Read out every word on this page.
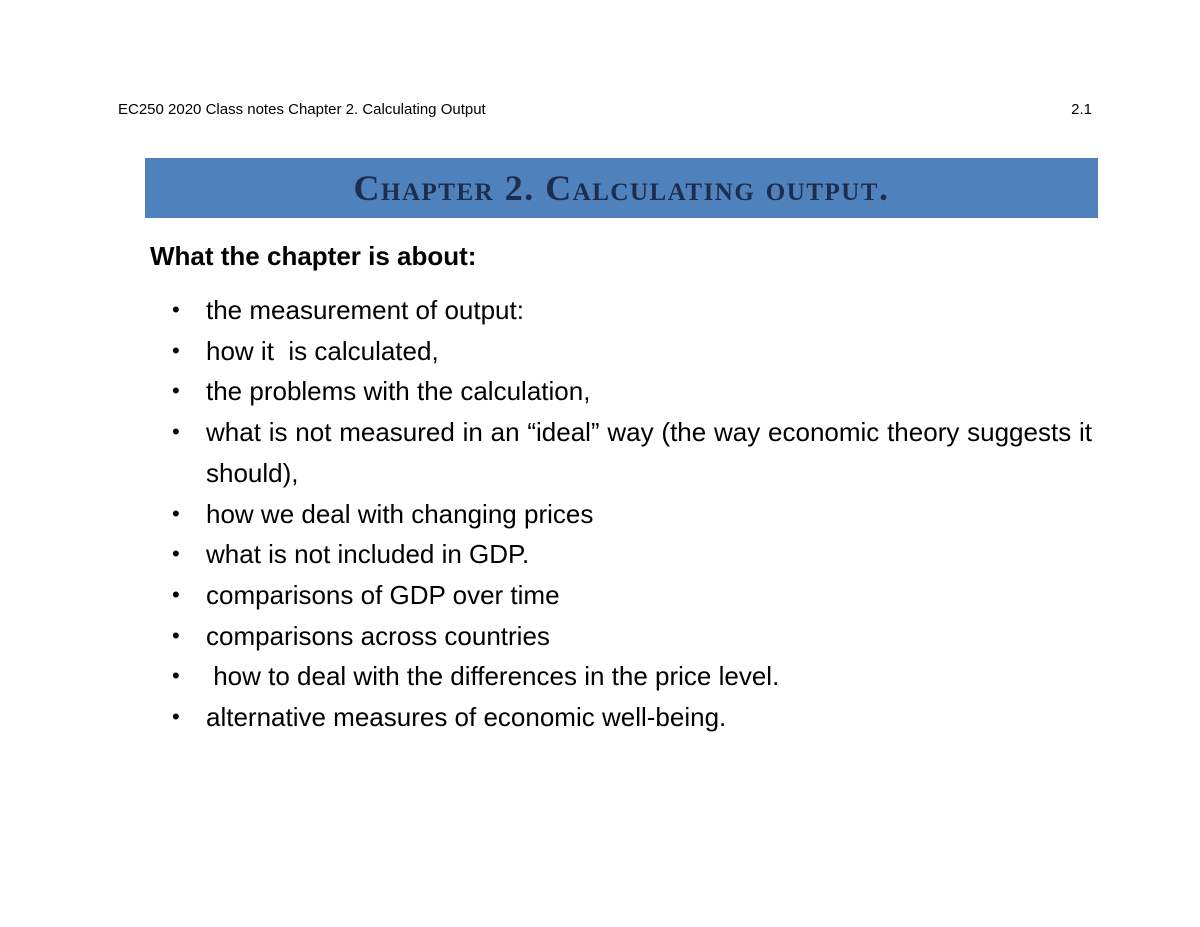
EC250 2020 Class notes Chapter 2. Calculating Output	2.1
Chapter 2. Calculating output.
What the chapter is about:
•	the measurement of output:
•	how it  is calculated,
•	the problems with the calculation,
•	what is not measured in an “ideal” way (the way economic theory suggests it should),
•	how we deal with changing prices
•	what is not included in GDP.
•	comparisons of GDP over time
•	comparisons across countries
•	how to deal with the differences in the price level.
•	alternative measures of economic well-being.
